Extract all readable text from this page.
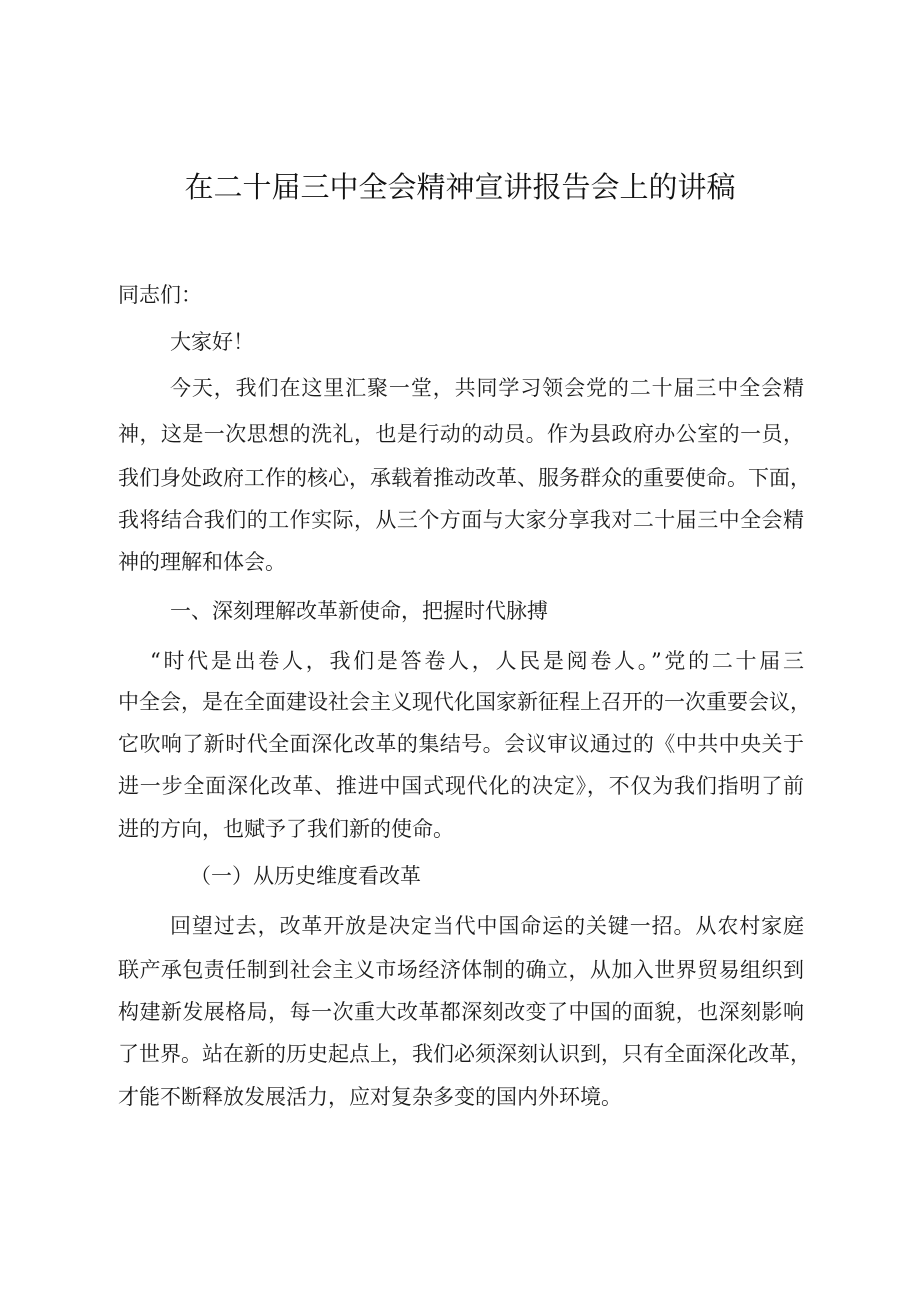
在二十届三中全会精神宣讲报告会上的讲稿
同志们：
大家好！
今天，我们在这里汇聚一堂，共同学习领会党的二十届三中全会精
神，这是一次思想的洗礼，也是行动的动员。作为县政府办公室的一员，
我们身处政府工作的核心，承载着推动改革、服务群众的重要使命。下面，
我将结合我们的工作实际，从三个方面与大家分享我对二十届三中全会精
神的理解和体会。
一、深刻理解改革新使命，把握时代脉搏
“时代是出卷人，我们是答卷人，人民是阅卷人。”党的二十届三
中全会，是在全面建设社会主义现代化国家新征程上召开的一次重要会议，
它吹响了新时代全面深化改革的集结号。会议审议通过的《中共中央关于
进一步全面深化改革、推进中国式现代化的决定》，不仅为我们指明了前
进的方向，也赋予了我们新的使命。
（一）从历史维度看改革
回望过去，改革开放是决定当代中国命运的关键一招。从农村家庭
联产承包责任制到社会主义市场经济体制的确立，从加入世界贸易组织到
构建新发展格局，每一次重大改革都深刻改变了中国的面貌，也深刻影响
了世界。站在新的历史起点上，我们必须深刻认识到，只有全面深化改革，
才能不断释放发展活力，应对复杂多变的国内外环境。
